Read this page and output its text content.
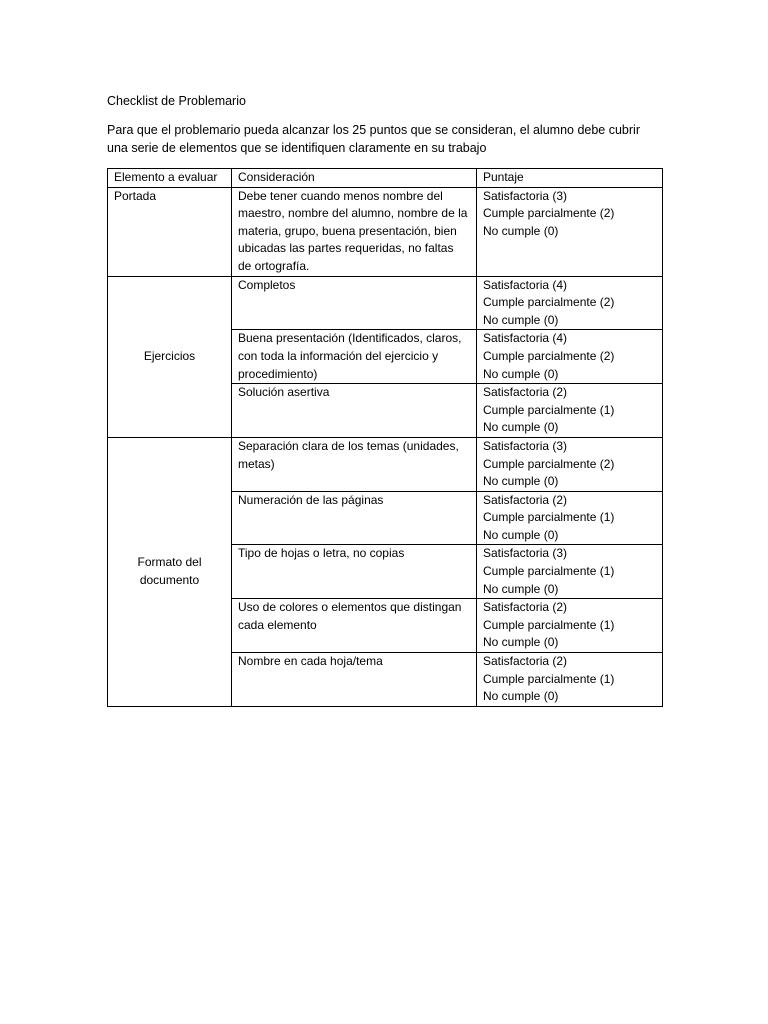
Checklist de Problemario
Para que el problemario pueda alcanzar los 25 puntos que se consideran, el alumno debe cubrir
una serie de elementos que se identifiquen claramente en su trabajo
Elemento a evaluar	Consideración	Puntaje
Portada	Debe tener cuando menos nombre del maestro, nombre del alumno, nombre de la materia, grupo, buena presentación, bien ubicadas las partes requeridas, no faltas de ortografía.	Satisfactoria (3)
Cumple parcialmente (2)
No cumple (0)

Ejercicios	Completos	Satisfactoria (4)
Cumple parcialmente (2)
No cumple (0)

	Buena presentación (Identificados, claros, con toda la información del ejercicio y procedimiento)	Satisfactoria (4)
Cumple parcialmente (2)
No cumple (0)

	Solución asertiva	Satisfactoria (2)
Cumple parcialmente (1)
No cumple (0)

Formato del documento	Separación clara de los temas (unidades, metas)	Satisfactoria (3)
Cumple parcialmente (2)
No cumple (0)

	Numeración de las páginas	Satisfactoria (2)
Cumple parcialmente (1)
No cumple (0)

	Tipo de hojas o letra, no copias	Satisfactoria (3)
Cumple parcialmente (1)
No cumple (0)

	Uso de colores o elementos que distingan cada elemento	Satisfactoria (2)
Cumple parcialmente (1)
No cumple (0)

	Nombre en cada hoja/tema	Satisfactoria (2)
Cumple parcialmente (1)
No cumple (0)
